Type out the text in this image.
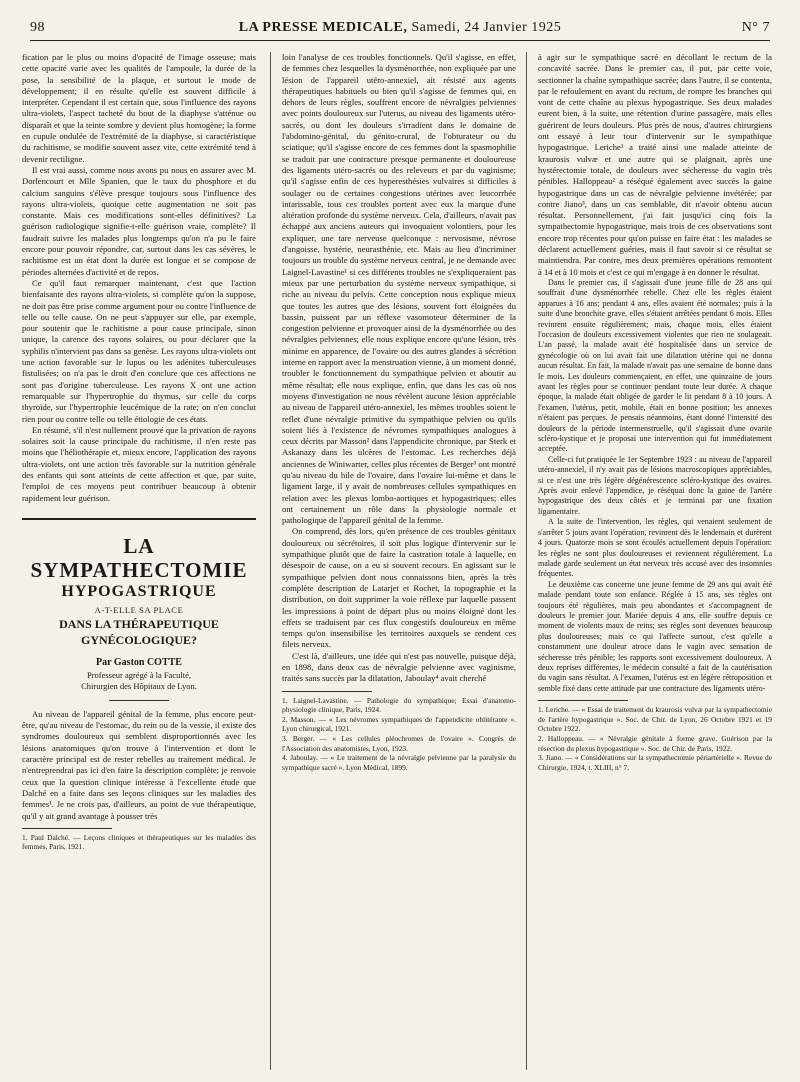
98	LA PRESSE MEDICALE, Samedi, 24 Janvier 1925	N° 7

fication par le plus ou moins d'opacité de l'image osseuse; mais cette opacité varie avec les qualités de l'ampoule, la durée de la pose, la sensibilité de la plaque, et surtout le mode de développement; il en résulte qu'elle est souvent difficile à interpréter. Cependant il est certain que, sous l'influence des rayons ultra-violets, l'aspect tacheté du bout de la diaphyse s'atténue ou disparaît et que la teinte sombre y devient plus homogène; la forme en cupule ondulée de l'extrémité de la diaphyse, si caractéristique du rachitisme, se modifie souvent assez vite, cette extrémité tend à devenir rectiligne.

Il est vrai aussi, comme nous avons pu nous en assurer avec M. Dorlencourt et Mlle Spanien, que le taux du phosphore et du calcium sanguins s'élève presque toujours sous l'influence des rayons ultra-violets, quoique cette augmentation ne soit pas constante. Mais ces modifications sont-elles définitives? La guérison radiologique signifie-t-elle guérison vraie, complète? Il faudrait suivre les malades plus longtemps qu'on n'a pu le faire encore pour pouvoir répondre, car, surtout dans les cas sévères, le rachitisme est un état dont la durée est longue et se compose de périodes alternées d'activité et de repos.

Ce qu'il faut remarquer maintenant, c'est que l'action bienfaisante des rayons ultra-violets, si complète qu'on la suppose, ne doit pas être prise comme argument pour ou contre l'influence de telle ou telle cause. On ne peut s'appuyer sur elle, par exemple, pour soutenir que le rachitisme a pour cause principale, sinon unique, la carence des rayons solaires, ou pour déclarer que la syphilis n'intervient pas dans sa genèse. Les rayons ultra-violets ont une action favorable sur le lupus ou les adénites tuberculeuses fistulisées; on n'a pas le droit d'en conclure que ces affections ne sont pas d'origine tuberculeuse. Les rayons X ont une action remarquable sur l'hypertrophie du thymus, sur celle du corps thyroïde, sur l'hypertrophie leucémique de la rate; on n'en conclut rien pour ou contre telle ou telle étiologie de ces états.

En résumé, s'il n'est nullement prouvé que la privation de rayons solaires soit la cause principale du rachitisme, il n'en reste pas moins que l'héliothérapie et, mieux encore, l'application des rayons ultra-violets, ont une action très favorable sur la nutrition générale des enfants qui sont atteints de cette affection et que, par suite, l'emploi de ces moyens peut contribuer beaucoup à obtenir rapidement leur guérison.

LA SYMPATHECTOMIE
HYPOGASTRIQUE
A-T-ELLE SA PLACE
DANS LA THÉRAPEUTIQUE GYNÉCOLOGIQUE?
Par Gaston COTTE
Professeur agrégé à la Faculté,
Chirurgien des Hôpitaux de Lyon.

Au niveau de l'appareil génital de la femme, plus encore peut-être, qu'au niveau de l'estomac, du rein ou de la vessie, il existe des syndromes douloureux qui semblent disproportionnés avec les lésions anatomiques qu'on trouve à l'intervention et dont le caractère principal est de rester rebelles au traitement médical. Je n'entreprendrai pas ici d'en faire la description complète; je renvoie ceux que la question clinique intéresse à l'excellente étude que Dalché en a faite dans ses leçons cliniques sur les maladies des femmes¹. Je ne crois pas, d'ailleurs, au point de vue thérapeutique, qu'il y ait grand avantage à pousser très

1. Paul Dalché. — Leçons cliniques et thérapeutiques sur les maladies des femmes, Paris, 1921.

loin l'analyse de ces troubles fonctionnels. Qu'il s'agisse, en effet, de femmes chez lesquelles la dysménorrhée, non expliquée par une lésion de l'appareil utéro-annexiel, ait résisté aux agents thérapeutiques habituels ou bien qu'il s'agisse de femmes qui, en dehors de leurs règles, souffrent encore de névralgies pelviennes avec points douloureux sur l'uterus, au niveau des ligaments utéro-sacrés, ou dont les douleurs s'irradient dans le domaine de l'abdomino-génital, du génito-crural, de l'obturateur ou du sciatique; qu'il s'agisse encore de ces femmes dont la spasmophilie se traduit par une contracture presque permanente et douloureuse des ligaments utéro-sacrés ou des releveurs et par du vaginisme; qu'il s'agisse enfin de ces hyperesthésies vulvaires si difficiles à soulager ou de certaines congestions utérines avec leucorrhée intarissable, tous ces troubles portent avec eux la marque d'une altération profonde du système nerveux. Cela, d'ailleurs, n'avait pas échappé aux anciens auteurs qui invoquaient volontiers, pour les expliquer, une tare nerveuse quelconque : nervosisme, névrose d'angoisse, hystérie, neurasthénie, etc. Mais au lieu d'incriminer toujours un trouble du système nerveux central, je ne demande avec Laignel-Lavastine¹ si ces différents troubles ne s'expliqueraient pas mieux par une perturbation du système nerveux sympathique, si riche au niveau du pelvis. Cette conception nous explique mieux que toutes les autres que des lésions, souvent fort éloignées du bassin, puissent par un réflexe vasomoteur déterminer de la congestion pelvienne et provoquer ainsi de la dysménorrhée ou des névralgies pelviennes; elle nous explique encore qu'une lésion, très minime en apparence, de l'ovaire ou des autres glandes à sécrétion interne en rapport avec la menstruation vienne, à un moment donné, troubler le fonctionnement du sympathique pelvien et aboutir au même résultat; elle nous explique, enfin, que dans les cas où nos moyens d'investigation ne nous révèlent aucune lésion appréciable au niveau de l'appareil utéro-annexiel, les mêmes troubles soient le reflet d'une névralgie primitive du sympathique pelvien ou qu'ils soient liés à l'existence de névromes sympathiques analogues à ceux décrits par Masson² dans l'appendicite chronique, par Sterk et Askanazy dans les ulcères de l'estomac. Les recherches déjà anciennes de Winiwarter, celles plus récentes de Berger³ ont montré qu'au niveau du hile de l'ovaire, dans l'ovaire lui-même et dans le ligament large, il y avait de nombreuses cellules sympathiques en relation avec les plexus lombo-aortiques et hypogastriques; elles ont certainement un rôle dans la physiologie normale et pathologique de l'appareil génital de la femme.

On comprend, dès lors, qu'en présence de ces troubles génitaux douloureux ou sécrétoires, il soit plus logique d'intervenir sur le sympathique plutôt que de faire la castration totale à laquelle, en désespoir de cause, on a eu si souvent recours. En agissant sur le sympathique pelvien dont nous connaissons bien, après la très complète description de Latarjet et Rochet, la topographie et la distribution, on doit supprimer la voie réflexe par laquelle passent les impressions à point de départ plus ou moins éloigné dont les effets se traduisent par ces flux congestifs douloureux en même temps qu'on insensibilise les territoires auxquels se rendent ces filets nerveux.

C'est là, d'ailleurs, une idée qui n'est pas nouvelle, puisque déjà, en 1898, dans deux cas de névralgie pelvienne avec vaginisme, traités sans succès par la dilatation, Jaboulay⁴ avait cherché

1. Laignel-Lavastine. — Pathologie du sympathique; Essai d'anatomo-physiologie clinique, Paris, 1924.

2. Masson. — « Les névromes sympathiques de l'appendicite oblitérante ». Lyon chirurgical, 1921.

3. Berger. — « Les cellules pléochromes de l'ovaire ». Congrès de l'Association des anatomistes, Lyon, 1923.

4. Jaboulay. — « Le traitement de la névralgie pelvienne par la paralysie du sympathique sacré ». Lyon Médical, 1899.

à agir sur le sympathique sacré en décollant le rectum de la concavité sacrée. Dans le premier cas, il put, par cette voie, sectionner la chaîne sympathique sacrée; dans l'autre, il se contenta, par le refoulement en avant du rectum, de rompre les branches qui vont de cette chaîne au plexus hypogastrique. Ses deux malades eurent bien, à la suite, une rétention d'urine passagère, mais elles guérirent de leurs douleurs. Plus près de nous, d'autres chirurgiens ont essayé à leur tour d'intervenir sur le sympathique hypogastrique. Leriche¹ a traité ainsi une malade atteinte de kraurosis vulvæ et une autre qui se plaignait, après une hystérectomie totale, de douleurs avec sécheresse du vagin très pénibles. Halloppeau² a réséqué également avec succès la gaine hypogastrique dans un cas de névralgie pelvienne invétérée; par contre Jiano³, dans un cas semblable, dit n'avoir obtenu aucun résultat. Personnellement, j'ai fait jusqu'ici cinq fois la sympathectomie hypogastrique, mais trois de ces observations sont encore trop récentes pour qu'on puisse en faire état : les malades se déclarent actuellement guéries, mais il faut savoir si ce résultat se maintiendra. Par contre, mes deux premières opérations remontent à 14 et à 10 mois et c'est ce qui m'engage à en donner le résultat.

Dans le premier cas, il s'agissait d'une jeune fille de 28 ans qui souffrait d'une dysménorrhée rebelle. Chez elle les règles étaient apparues à 16 ans; pendant 4 ans, elles avaient été normales; puis à la suite d'une bronchite grave, elles s'étaient arrêtées pendant 6 mois. Elles revinrent ensuite régulièrement; mais, chaque mois, elles étaient l'occasion de douleurs excessivement violentes que rien ne soulageait. L'an passé, la malade avait été hospitalisée dans un service de gynécologie où on lui avait fait une dilatation utérine qui ne donna aucun résultat. En fait, la malade n'avait pas une semaine de bonne dans le mois. Les douleurs commençaient, en effet, une quinzaine de jours avant les règles pour se continuer pendant toute leur durée. A chaque époque, la malade était obligée de garder le lit pendant 8 à 10 jours. A l'examen, l'utérus, petit, mobile, était en bonne position; les annexes n'étaient pas perçues. Je pensais néanmoins, étant donné l'intensité des douleurs de la période intermenstruelle, qu'il s'agissait d'une ovarite scléro-kystique et je proposai une intervention qui fut immédiatement acceptée.

Celle-ci fut pratiquée le 1er Septembre 1923 : au niveau de l'appareil utéro-annexiel, il n'y avait pas de lésions macroscopiques appréciables, si ce n'est une très légère dégénérescence scléro-kystique des ovaires. Après avoir enlevé l'appendice, je réséquai donc la gaine de l'artère hypogastrique des deux côtés et je terminai par une fixation ligamentaire.

A la suite de l'intervention, les règles, qui venaient seulement de s'arrêter 5 jours avant l'opération, revinrent dès le lendemain et durèrent 4 jours. Quatorze mois se sont écoulés actuellement depuis l'opération: les règles ne sont plus douloureuses et reviennent régulièrement. La malade garde seulement un état nerveux très accusé avec des insomnies fréquentes.

Le deuxième cas concerne une jeune femme de 29 ans qui avait été malade pendant toute son enfance. Réglée à 15 ans, ses règles ont toujours été régulières, mais peu abondantes et s'accompagnent de douleurs le premier jour. Mariée depuis 4 ans, elle souffre depuis ce moment de violents maux de reins; ses règles sont devenues beaucoup plus douloureuses; mais ce qui l'affecte surtout, c'est qu'elle a constamment une douleur atroce dans le vagin avec sensation de sécheresse très pénible; les rapports sont excessivement douloureux. A deux reprises différentes, le médecin consulté a fait de la cautérisation du vagin sans résultat. A l'examen, l'utérus est en légère rétroposition et semble fixé dans cette attitude par une contracture des ligaments utéro-

1. Leriche. — « Essai de traitement du kraurosis vulvæ par la sympathectomie de l'artère hypogastrique ». Soc. de Chir. de Lyon, 26 Octobre 1921 et 19 Octobre 1922.

2. Halloppeau. — « Névralgie génitale à forme grave. Guérison par la résection du plexus hypogastrique ». Soc. de Chir. de Paris, 1922.

3. Jiano. — « Considérations sur la sympathectomie périartérielle ». Revue de Chirurgie, 1924, t. XLIII, n° 7.
